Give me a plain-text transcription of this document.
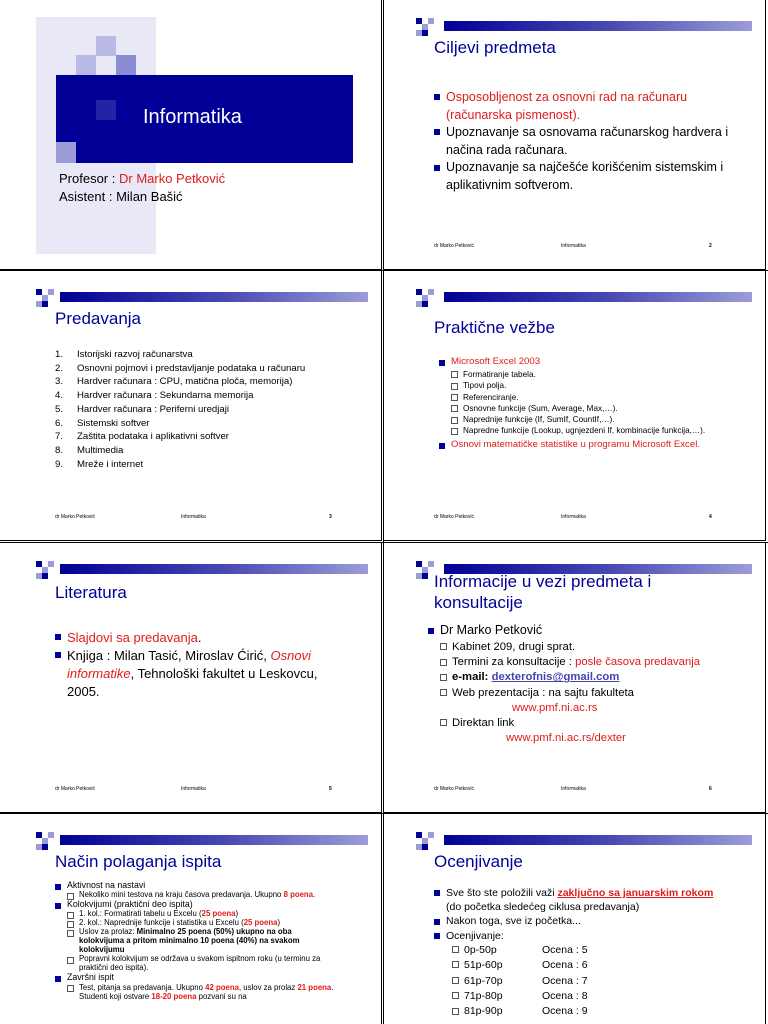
Informatika
Profesor : Dr Marko Petković
Asistent : Milan Bašić
Ciljevi predmeta
Osposobljenost za osnovni rad na računaru (računarska pismenost).
Upoznavanje sa osnovama računarskog hardvera i načina rada računara.
Upoznavanje sa najčešće korišćenim sistemskim i aplikativnim softverom.
dr Marko Petković	Informatika	2
Predavanja
1.	Istorijski razvoj računarstva
2.	Osnovni pojmovi i predstavljanje podataka u računaru
3.	Hardver računara : CPU, matična ploča, memorija)
4.	Hardver računara : Sekundarna memorija
5.	Hardver računara : Periferni uredjaji
6.	Sistemski softver
7.	Zaštita podataka i aplikativni softver
8.	Multimedia
9.	Mreže i internet
dr Marko Petković	Informatika	3
Praktične vežbe
Microsoft Excel 2003
Formatiranje tabela.
Tipovi polja.
Referenciranje.
Osnovne funkcije (Sum, Average, Max,…).
Napredniје funkcije (If, SumIf, CountIf,…).
Napredne funkcije (Lookup, ugnjezdeni If, kombinacije funkcija,…).
Osnovi matematičke statistike u programu Microsoft Excel.
dr Marko Petković	Informatika	4
Literatura
Slajdovi sa predavanja.
Knjiga : Milan Tasić, Miroslav Ćirić, Osnovi informatike, Tehnološki fakultet u Leskovcu, 2005.
dr Marko Petković	Informatika	5
Informacije u vezi predmeta i konsultacije
Dr Marko Petković
Kabinet 209, drugi sprat.
Termini za konsultacije : posle časova predavanja
e-mail: dexterofnis@gmail.com
Web prezentacija : na sajtu fakulteta
www.pmf.ni.ac.rs
Direktan link
www.pmf.ni.ac.rs/dexter
dr Marko Petković	Informatika	6
Način polaganja ispita
Aktivnost na nastavi
Nekoliko mini testova na kraju časova predavanja. Ukupno 8 poena.
Kolokvijumi (praktični deo ispita)
1. kol.: Formatirati tabelu u Excelu (25 poena)
2. kol.: Napredniје funkcije i statistika u Excelu (25 poena)
Uslov za prolaz: Minimalno 25 poena (50%) ukupno na oba kolokvijuma a pritom minimalno 10 poena (40%) na svakom kolokvijumu
Popravni kolokvijum se održava u svakom ispitnom roku (u terminu za praktični deo ispita).
Završni ispit
Test, pitanja sa predavanja. Ukupno 42 poena, uslov za prolaz 21 poena. Studenti koji ostvare 18-20 poena pozvani su na
Ocenjivanje
Sve što ste položili važi zaključno sa januarskim rokom (do početka sledećeg ciklusa predavanja)
Nakon toga, sve iz početka...
Ocenjivanje:
0p-50p	Ocena : 5
51p-60p	Ocena : 6
61p-70p	Ocena : 7
71p-80p	Ocena : 8
81p-90p	Ocena : 9
